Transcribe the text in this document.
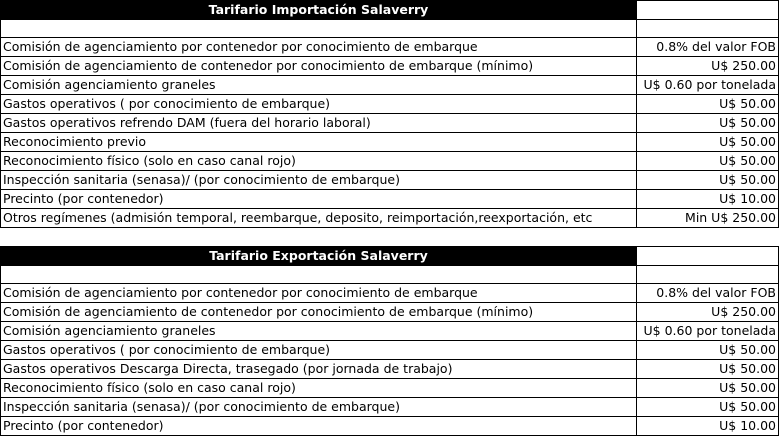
Tarifario Importación Salaverry	

Comisión de agenciamiento por contenedor por conocimiento de embarque	0.8% del valor FOB
Comisión de agenciamiento de contenedor por conocimiento de embarque (mínimo)	U$ 250.00
Comisión agenciamiento graneles	U$ 0.60 por tonelada
Gastos operativos ( por conocimiento de embarque)	U$ 50.00
Gastos operativos refrendo DAM (fuera del horario laboral)	U$ 50.00
Reconocimiento previo	U$ 50.00
Reconocimiento físico (solo en caso canal rojo)	U$ 50.00
Inspección sanitaria (senasa)/ (por conocimiento de embarque)	U$ 50.00
Precinto (por contenedor)	U$ 10.00
Otros regímenes (admisión temporal, reembarque, deposito, reimportación,reexportación, etc	Min U$ 250.00
Tarifario Exportación Salaverry	

Comisión de agenciamiento por contenedor por conocimiento de embarque	0.8% del valor FOB
Comisión de agenciamiento de contenedor por conocimiento de embarque (mínimo)	U$ 250.00
Comisión agenciamiento graneles	U$ 0.60 por tonelada
Gastos operativos ( por conocimiento de embarque)	U$ 50.00
Gastos operativos Descarga Directa, trasegado (por jornada de trabajo)	U$ 50.00
Reconocimiento físico (solo en caso canal rojo)	U$ 50.00
Inspección sanitaria (senasa)/ (por conocimiento de embarque)	U$ 50.00
Precinto (por contenedor)	U$ 10.00
